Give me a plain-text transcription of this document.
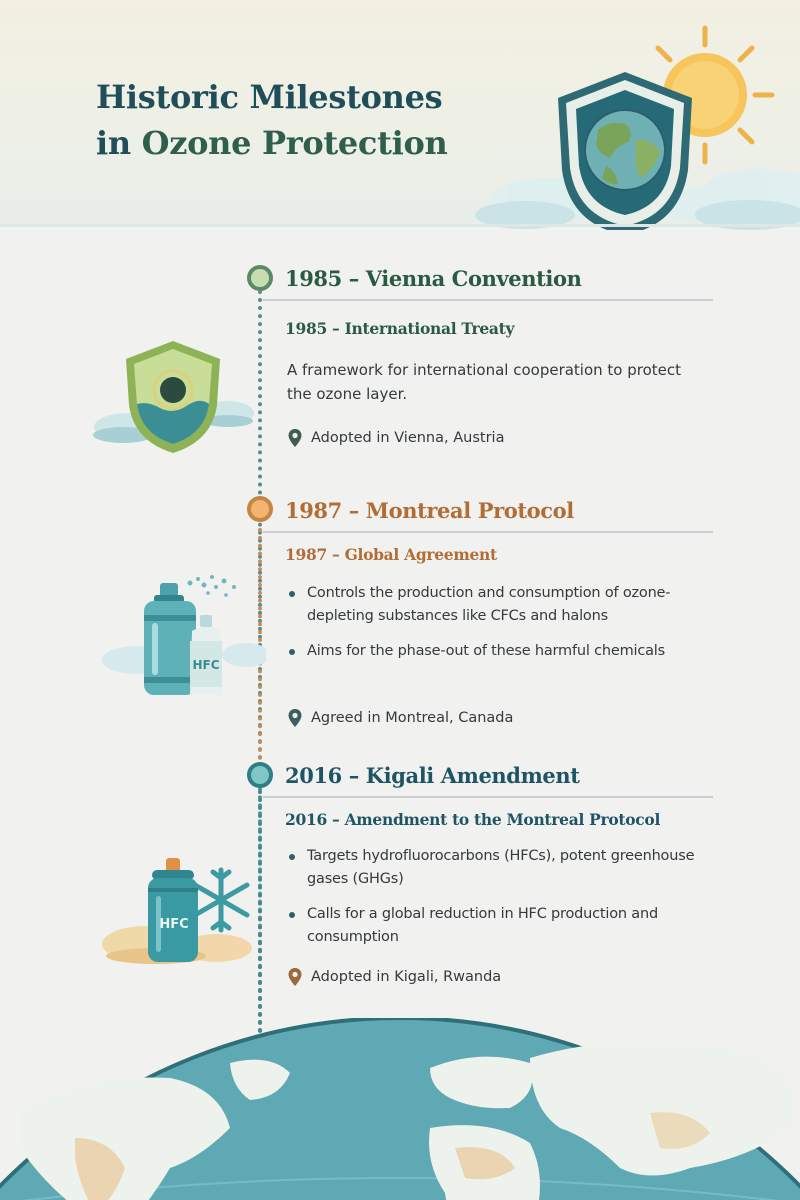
Historic Milestones
in Ozone Protection
1985 – Vienna Convention
1985 – International Treaty
A framework for international cooperation to protect the ozone layer.
Adopted in Vienna, Austria
1987 – Montreal Protocol
1987 – Global Agreement
Controls the production and consumption of ozone-depleting substances like CFCs and halons
Aims for the phase-out of these harmful chemicals
Agreed in Montreal, Canada
2016 – Kigali Amendment
2016 – Amendment to the Montreal Protocol
Targets hydrofluorocarbons (HFCs), potent greenhouse gases (GHGs)
Calls for a global reduction in HFC production and consumption
Adopted in Kigali, Rwanda
HFC
HFC
